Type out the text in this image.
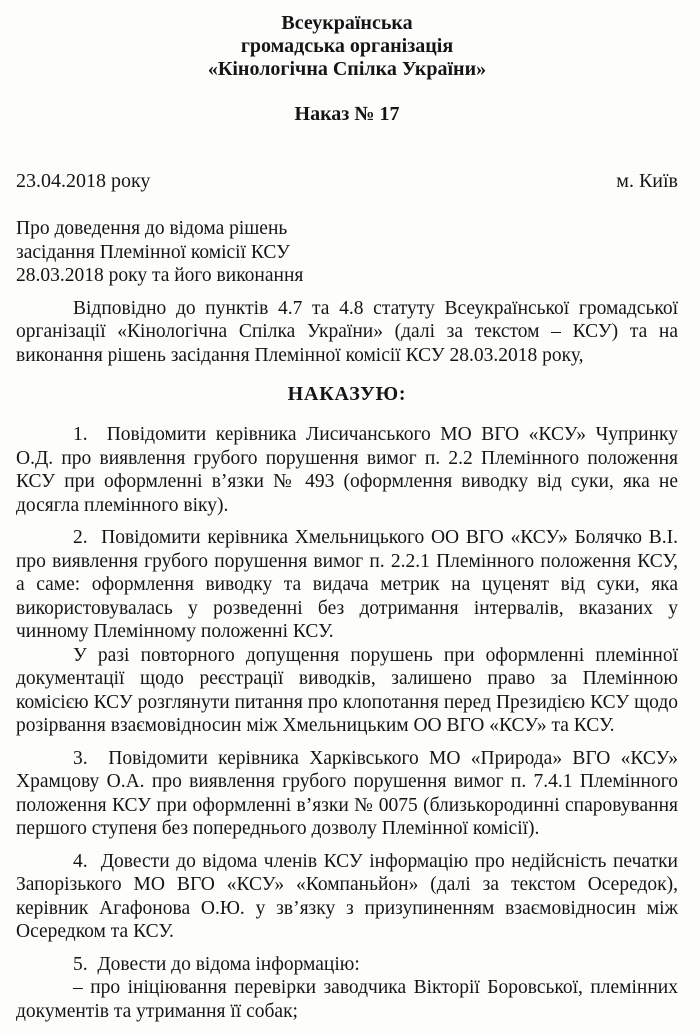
Всеукраїнська
громадська організація
«Кінологічна Спілка України»
Наказ № 17
23.04.2018 року	м. Київ
Про доведення до відома рішень
засідання Племінної комісії КСУ
28.03.2018 року та його виконання

Відповідно до пунктів 4.7 та 4.8 статуту Всеукраїнської громадської організації «Кінологічна Спілка України» (далі за текстом – КСУ) та на виконання рішень засідання Племінної комісії КСУ 28.03.2018 року,

НАКАЗУЮ:

1.  Повідомити керівника Лисичанського МО ВГО «КСУ» Чупринку О.Д. про виявлення грубого порушення вимог п. 2.2 Племінного положення КСУ при оформленні в’язки № 493 (оформлення виводку від суки, яка не досягла племінного віку).

2.  Повідомити керівника Хмельницького ОО ВГО «КСУ» Болячко В.І. про виявлення грубого порушення вимог п. 2.2.1 Племінного положення КСУ, а саме: оформлення виводку та видача метрик на цуценят від суки, яка використовувалась у розведенні без дотримання інтервалів, вказаних у чинному Племінному положенні КСУ.

У разі повторного допущення порушень при оформленні племінної документації щодо реєстрації виводків, залишено право за Племінною комісією КСУ розглянути питання про клопотання перед Президією КСУ щодо розірвання взаємовідносин між Хмельницьким ОО ВГО «КСУ» та КСУ.

3.  Повідомити керівника Харківського МО «Природа» ВГО «КСУ» Храмцову О.А. про виявлення грубого порушення вимог п. 7.4.1 Племінного положення КСУ при оформленні в’язки № 0075 (близькородинні спаровування першого ступеня без попереднього дозволу Племінної комісії).

4.  Довести до відома членів КСУ інформацію про недійсність печатки Запорізького МО ВГО «КСУ» «Компаньйон» (далі за текстом Осередок), керівник Агафонова О.Ю. у зв’язку з призупиненням взаємовідносин між Осередком та КСУ.

5.  Довести до відома інформацію:

– про ініціювання перевірки заводчика Вікторії Боровської, племінних документів та утримання її собак;
